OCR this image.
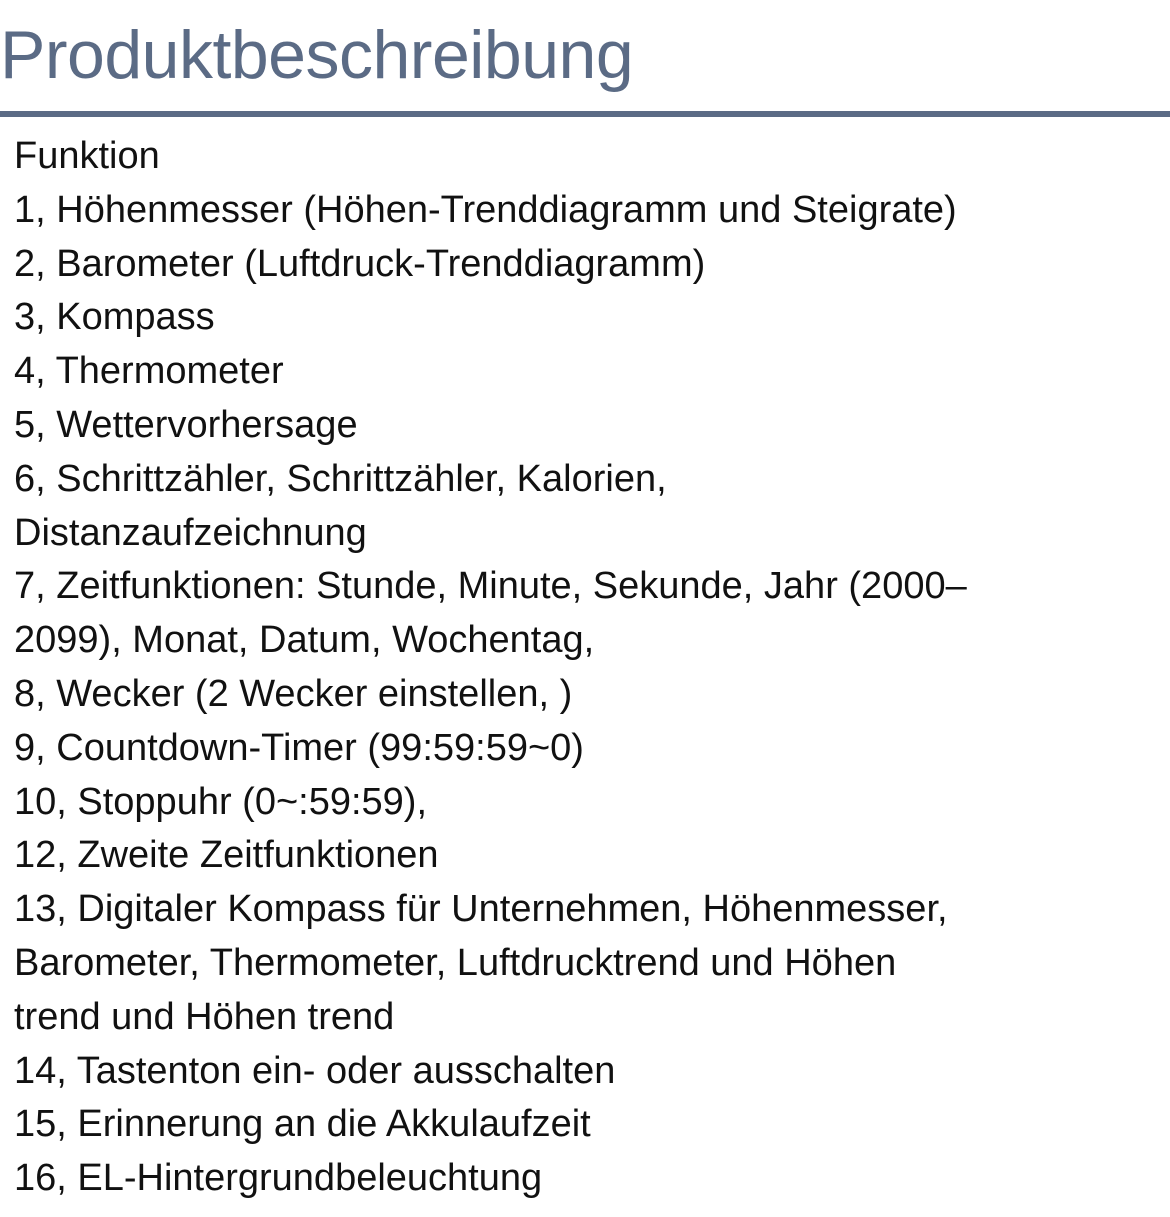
Produktbeschreibung
Funktion
1, Höhenmesser (Höhen-Trenddiagramm und Steigrate)
2, Barometer (Luftdruck-Trenddiagramm)
3, Kompass
4, Thermometer
5, Wettervorhersage
6, Schrittzähler, Schrittzähler, Kalorien,
Distanzaufzeichnung
7, Zeitfunktionen: Stunde, Minute, Sekunde, Jahr (2000–
2099), Monat, Datum, Wochentag,
8, Wecker (2 Wecker einstellen, )
9, Countdown-Timer (99:59:59~0)
10, Stoppuhr (0~:59:59),
12, Zweite Zeitfunktionen
13, Digitaler Kompass für Unternehmen, Höhenmesser,
Barometer, Thermometer, Luftdrucktrend und Höhen
trend und Höhen trend
14, Tastenton ein- oder ausschalten
15, Erinnerung an die Akkulaufzeit
16, EL-Hintergrundbeleuchtung
